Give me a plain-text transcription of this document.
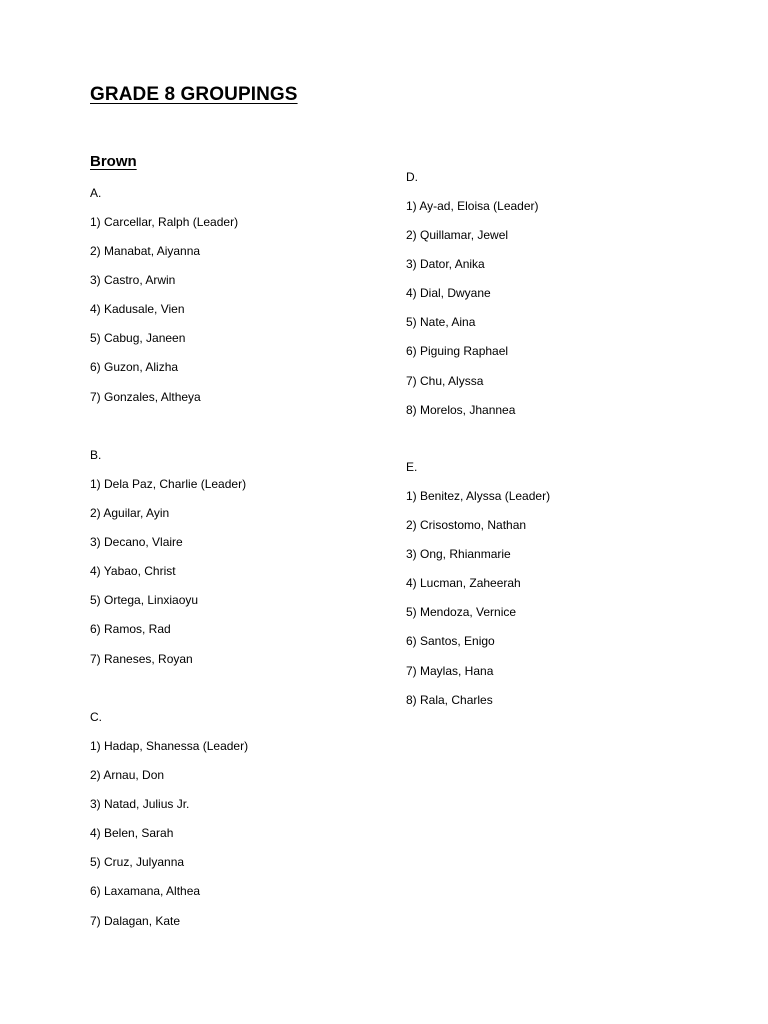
GRADE 8 GROUPINGS
Brown
A.
1) Carcellar, Ralph (Leader)
2) Manabat, Aiyanna
3) Castro, Arwin
4) Kadusale, Vien
5) Cabug, Janeen
6) Guzon, Alizha
7) Gonzales, Altheya
B.
1) Dela Paz, Charlie (Leader)
2) Aguilar, Ayin
3) Decano, Vlaire
4) Yabao, Christ
5) Ortega, Linxiaoyu
6) Ramos, Rad
7) Raneses, Royan
C.
1) Hadap, Shanessa (Leader)
2) Arnau, Don
3) Natad, Julius Jr.
4) Belen, Sarah
5) Cruz, Julyanna
6) Laxamana, Althea
7) Dalagan, Kate
D.
1) Ay-ad, Eloisa (Leader)
2) Quillamar, Jewel
3) Dator, Anika
4) Dial, Dwyane
5) Nate, Aina
6) Piguing Raphael
7) Chu, Alyssa
8) Morelos, Jhannea
E.
1) Benitez, Alyssa (Leader)
2) Crisostomo, Nathan
3) Ong, Rhianmarie
4) Lucman, Zaheerah
5) Mendoza, Vernice
6) Santos, Enigo
7) Maylas, Hana
8) Rala, Charles
